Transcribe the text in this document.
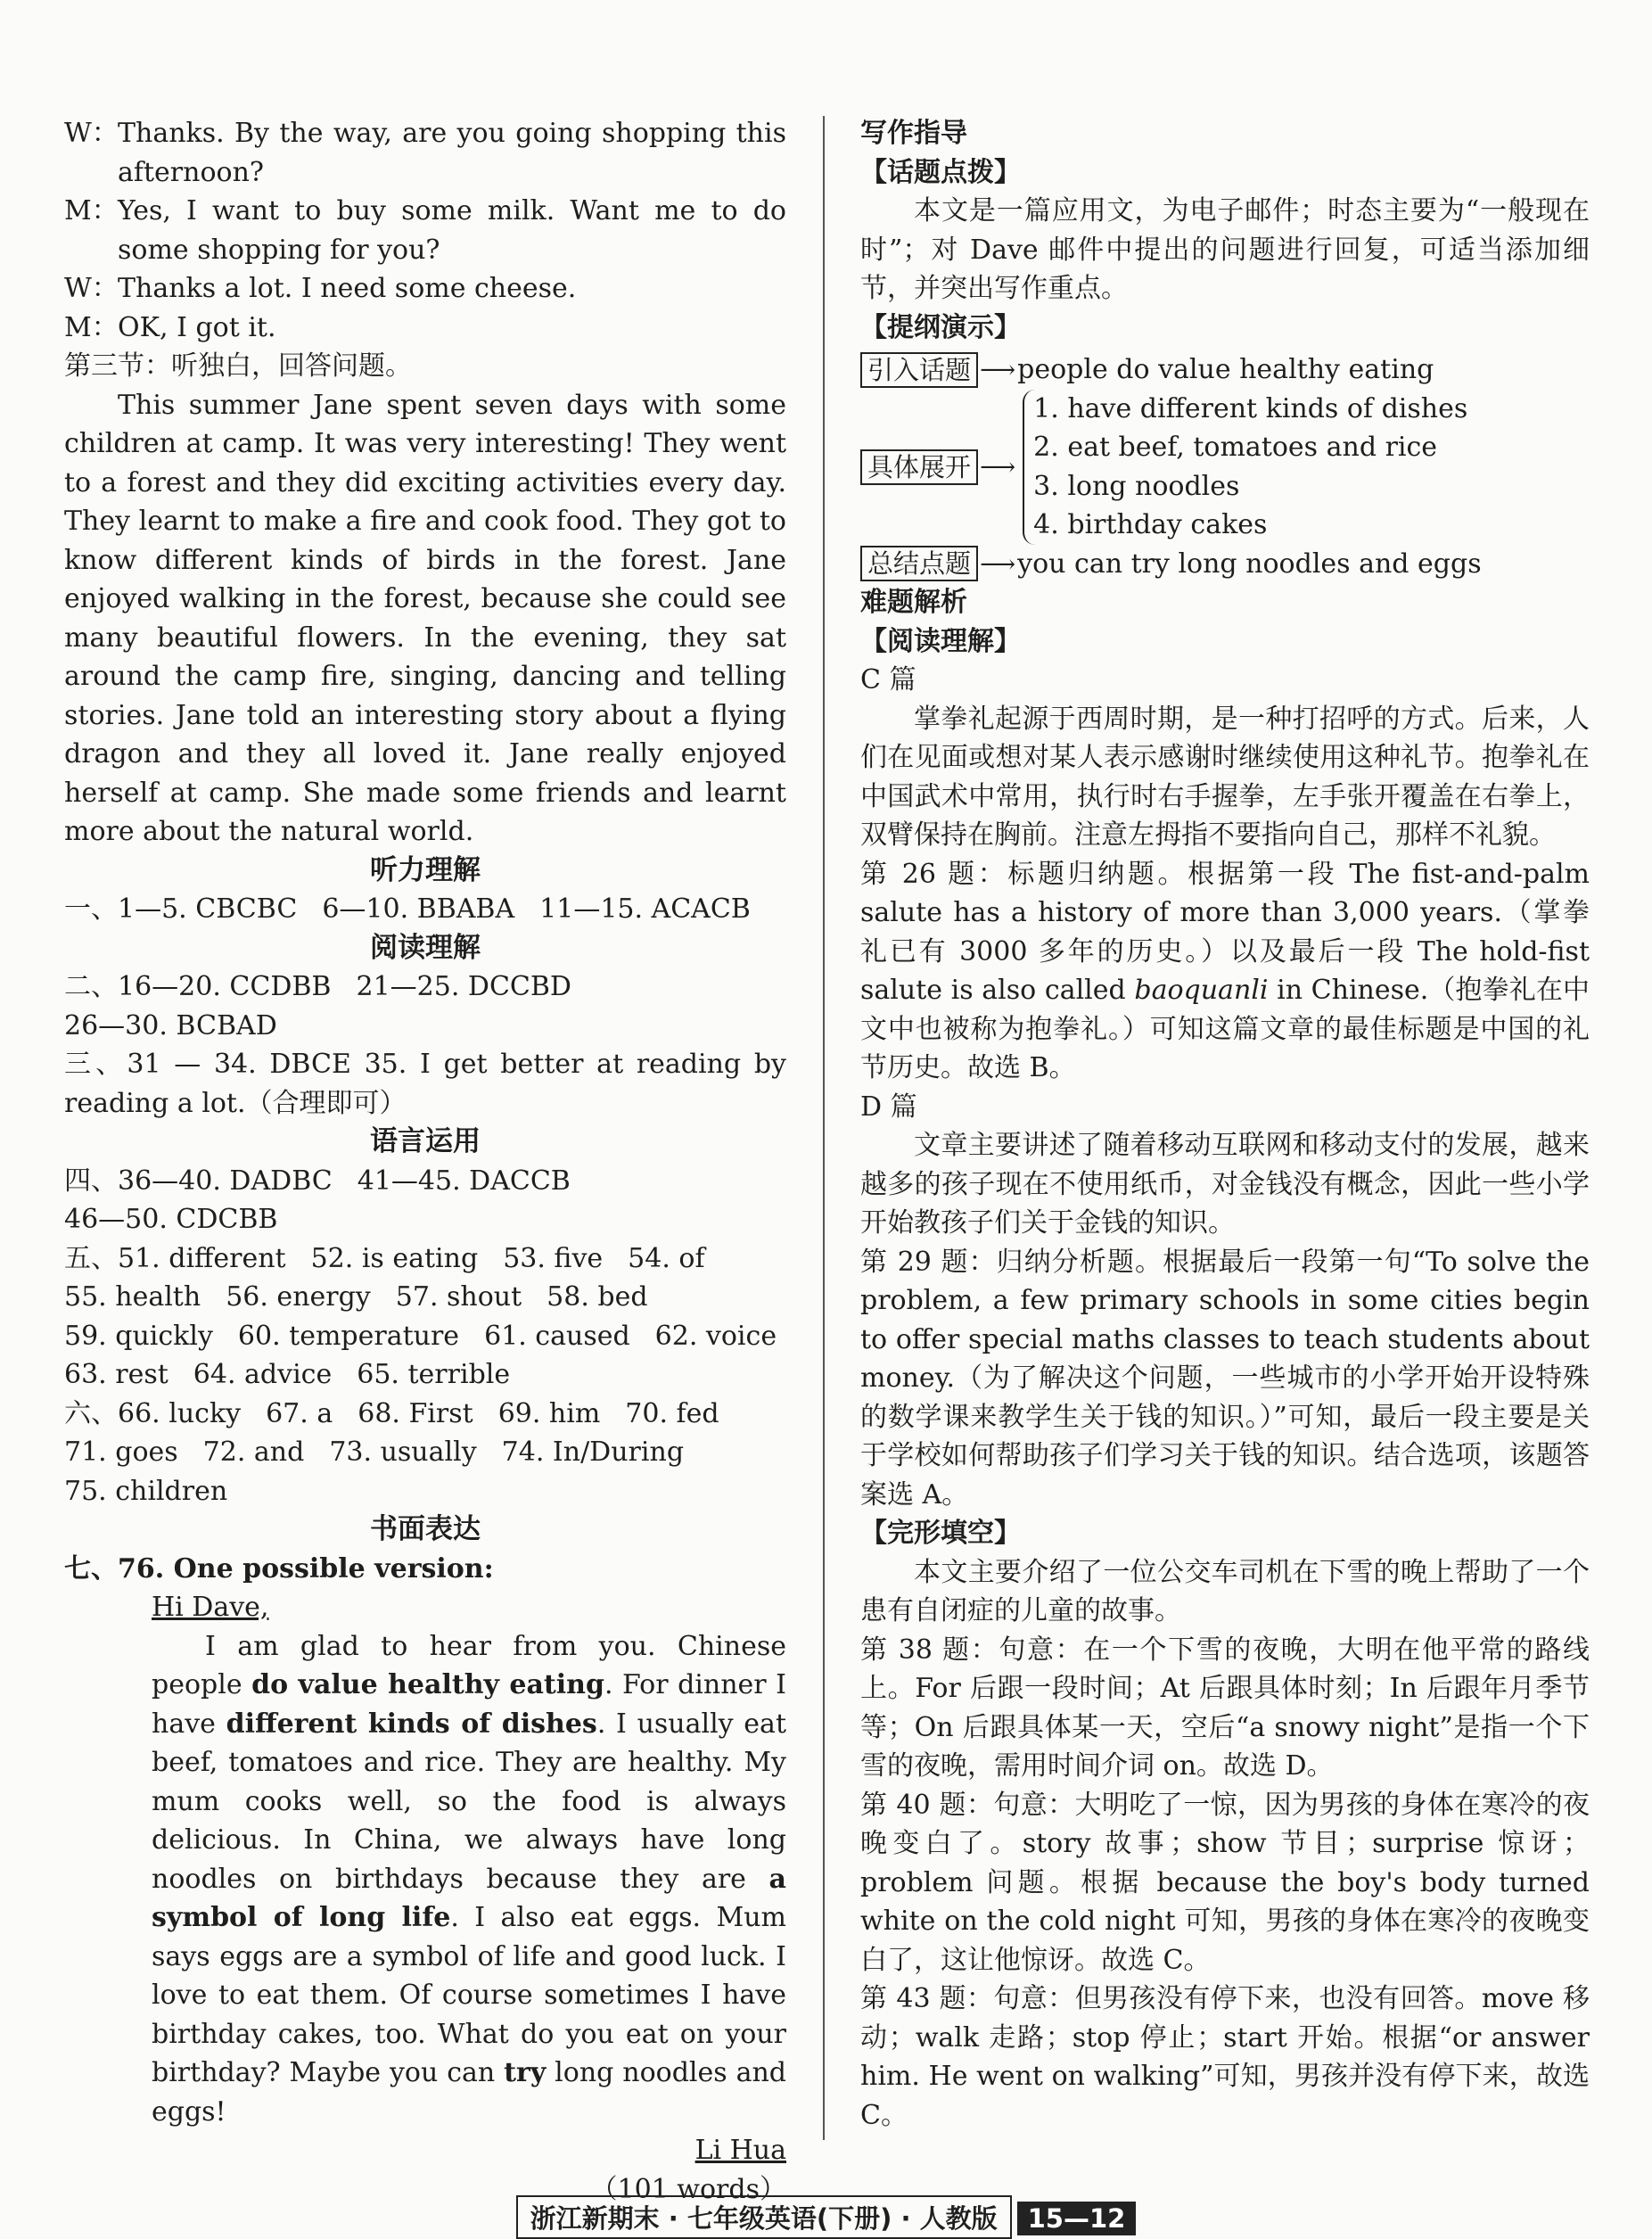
W： Thanks. By the way, are you going shopping this afternoon?
M： Yes, I want to buy some milk. Want me to do some shopping for you?
W： Thanks a lot. I need some cheese.
M： OK, I got it.

第三节：听独白，回答问题。

This summer Jane spent seven days with some children at camp. It was very interesting! They went to a forest and they did exciting activities every day. They learnt to make a fire and cook food. They got to know different kinds of birds in the forest. Jane enjoyed walking in the forest, because she could see many beautiful flowers. In the evening, they sat around the camp fire, singing, dancing and telling stories. Jane told an interesting story about a flying dragon and they all loved it. Jane really enjoyed herself at camp. She made some friends and learnt more about the natural world.

听力理解
一、1—5. CBCBC 6—10. BBABA 11—15. ACACB
阅读理解
二、16—20. CCDBB 21—25. DCCBD
26—30. BCBAD

三、31 — 34. DBCE 35. I get better at reading by reading a lot.（合理即可）

语言运用
四、36—40. DADBC 41—45. DACCB
46—50. CDCBB
五、51. different 52. is eating 53. five 54. of
55. health 56. energy 57. shout 58. bed
59. quickly 60. temperature 61. caused 62. voice
63. rest 64. advice 65. terrible
六、66. lucky 67. a 68. First 69. him 70. fed
71. goes 72. and 73. usually 74. In/During
75. children
书面表达
七、76. One possible version:
Hi Dave,

I am glad to hear from you. Chinese people do value healthy eating. For dinner I have different kinds of dishes. I usually eat beef, tomatoes and rice. They are healthy. My mum cooks well, so the food is always delicious. In China, we always have long noodles on birthdays because they are a symbol of long life. I also eat eggs. Mum says eggs are a symbol of life and good luck. I love to eat them. Of course sometimes I have birthday cakes, too. What do you eat on your birthday? Maybe you can try long noodles and eggs!

Li Hua
（101 words）
写作指导
【话题点拨】

本文是一篇应用文，为电子邮件；时态主要为“一般现在时”；对 Dave 邮件中提出的问题进行回复，可适当添加细节，并突出写作重点。

【提纲演示】
引入话题 ⟶ people do value healthy eating
具体展开 ⟶
1. have different kinds of dishes
2. eat beef, tomatoes and rice
3. long noodles
4. birthday cakes
总结点题 ⟶ you can try long noodles and eggs
难题解析
【阅读理解】
C 篇

掌拳礼起源于西周时期，是一种打招呼的方式。后来，人们在见面或想对某人表示感谢时继续使用这种礼节。抱拳礼在中国武术中常用，执行时右手握拳，左手张开覆盖在右拳上，双臂保持在胸前。注意左拇指不要指向自己，那样不礼貌。

第 26 题：标题归纳题。根据第一段 The fist-and-palm salute has a history of more than 3,000 years.（掌拳礼已有 3000 多年的历史。）以及最后一段 The hold-fist salute is also called baoquanli in Chinese.（抱拳礼在中文中也被称为抱拳礼。）可知这篇文章的最佳标题是中国的礼节历史。故选 B。

D 篇

文章主要讲述了随着移动互联网和移动支付的发展，越来越多的孩子现在不使用纸币，对金钱没有概念，因此一些小学开始教孩子们关于金钱的知识。

第 29 题：归纳分析题。根据最后一段第一句“To solve the problem, a few primary schools in some cities begin to offer special maths classes to teach students about money.（为了解决这个问题，一些城市的小学开始开设特殊的数学课来教学生关于钱的知识。）”可知，最后一段主要是关于学校如何帮助孩子们学习关于钱的知识。结合选项，该题答案选 A。

【完形填空】

本文主要介绍了一位公交车司机在下雪的晚上帮助了一个患有自闭症的儿童的故事。

第 38 题：句意：在一个下雪的夜晚，大明在他平常的路线上。For 后跟一段时间；At 后跟具体时刻；In 后跟年月季节等；On 后跟具体某一天，空后“a snowy night”是指一个下雪的夜晚，需用时间介词 on。故选 D。

第 40 题：句意：大明吃了一惊，因为男孩的身体在寒冷的夜晚变白了。story 故事；show 节目；surprise 惊讶；problem 问题。根据 because the boy's body turned white on the cold night 可知，男孩的身体在寒冷的夜晚变白了，这让他惊讶。故选 C。

第 43 题：句意：但男孩没有停下来，也没有回答。move 移动；walk 走路；stop 停止；start 开始。根据“or answer him. He went on walking”可知，男孩并没有停下来，故选 C。

浙江新期末 · 七年级英语(下册) · 人教版 15—12
